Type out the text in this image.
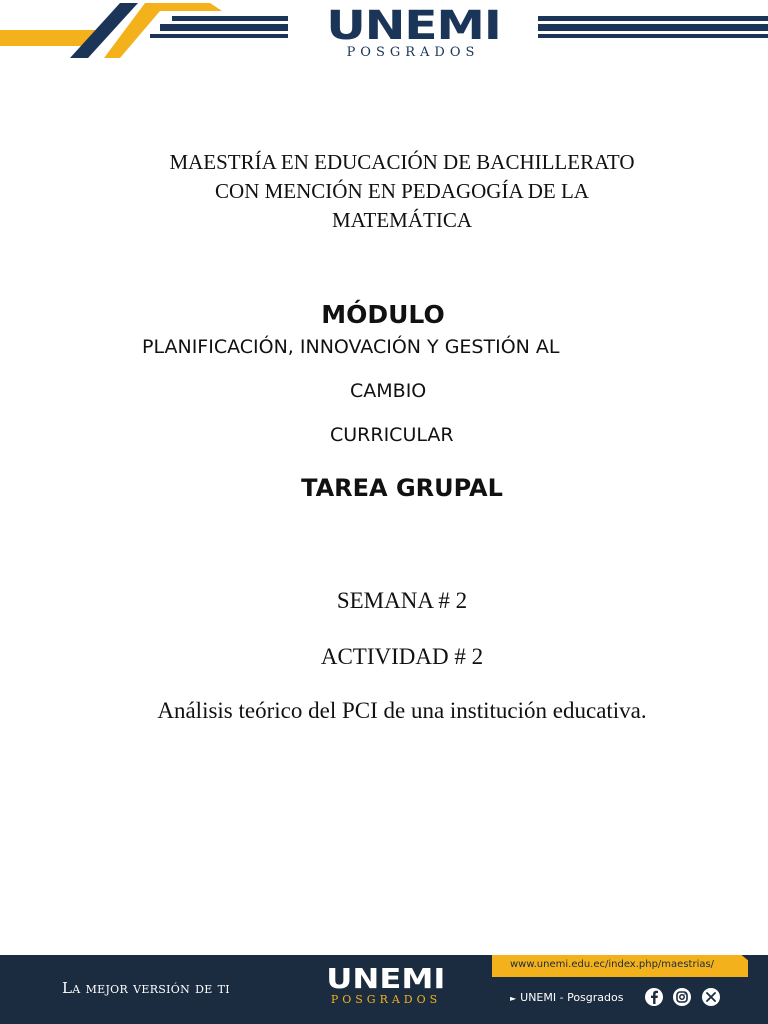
UNEMI
POSGRADOS
MAESTRÍA EN EDUCACIÓN DE BACHILLERATO CON MENCIÓN EN PEDAGOGÍA DE LA MATEMÁTICA
MÓDULO
PLANIFICACIÓN, INNOVACIÓN Y GESTIÓN AL
CAMBIO
CURRICULAR
TAREA GRUPAL
SEMANA # 2
ACTIVIDAD # 2
Análisis teórico del PCI de una institución educativa.
La mejor versión de ti	UNEMI
POSGRADOS
www.unemi.edu.ec/index.php/maestrias/
► UNEMI - Posgrados
